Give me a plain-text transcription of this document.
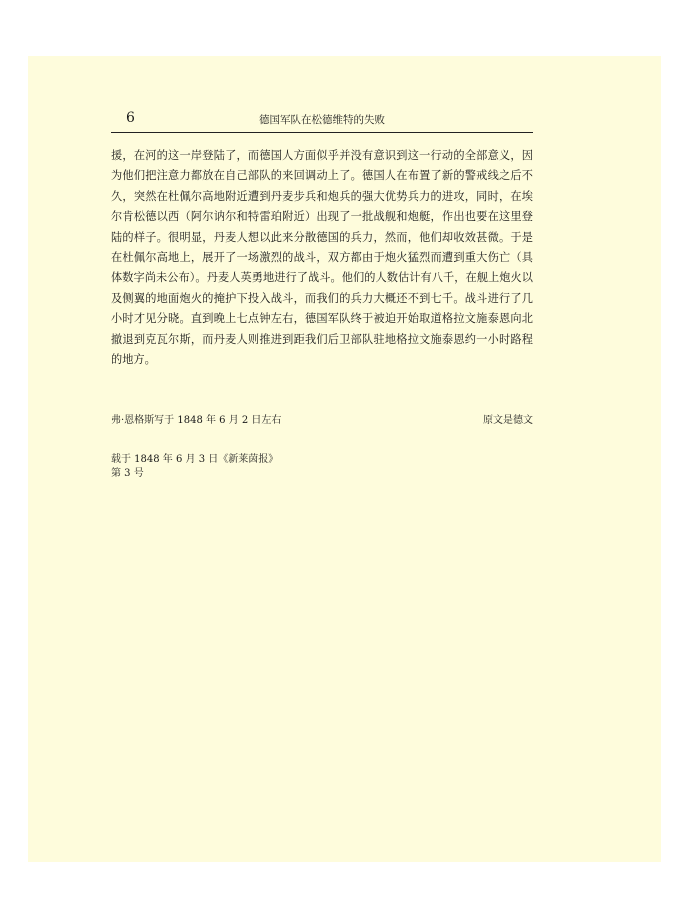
6	德国军队在松德维特的失败

援，在河的这一岸登陆了，而德国人方面似乎并没有意识到这一行动的全部意义，因为他们把注意力都放在自己部队的来回调动上了。德国人在布置了新的警戒线之后不久，突然在杜佩尔高地附近遭到丹麦步兵和炮兵的强大优势兵力的进攻，同时，在埃尔肯松德以西（阿尔讷尔和特雷珀附近）出现了一批战舰和炮艇，作出也要在这里登陆的样子。很明显，丹麦人想以此来分散德国的兵力，然而，他们却收效甚微。于是在杜佩尔高地上，展开了一场激烈的战斗，双方都由于炮火猛烈而遭到重大伤亡（具体数字尚未公布）。丹麦人英勇地进行了战斗。他们的人数估计有八千，在舰上炮火以及侧翼的地面炮火的掩护下投入战斗，而我们的兵力大概还不到七千。战斗进行了几小时才见分晓。直到晚上七点钟左右，德国军队终于被迫开始取道格拉文施泰恩向北撤退到克瓦尔斯，而丹麦人则推进到距我们后卫部队驻地格拉文施泰恩约一小时路程的地方。

弗·恩格斯写于 1848 年 6 月 2 日左右	原文是德文
载于 1848 年 6 月 3 日《新莱茵报》第 3 号
